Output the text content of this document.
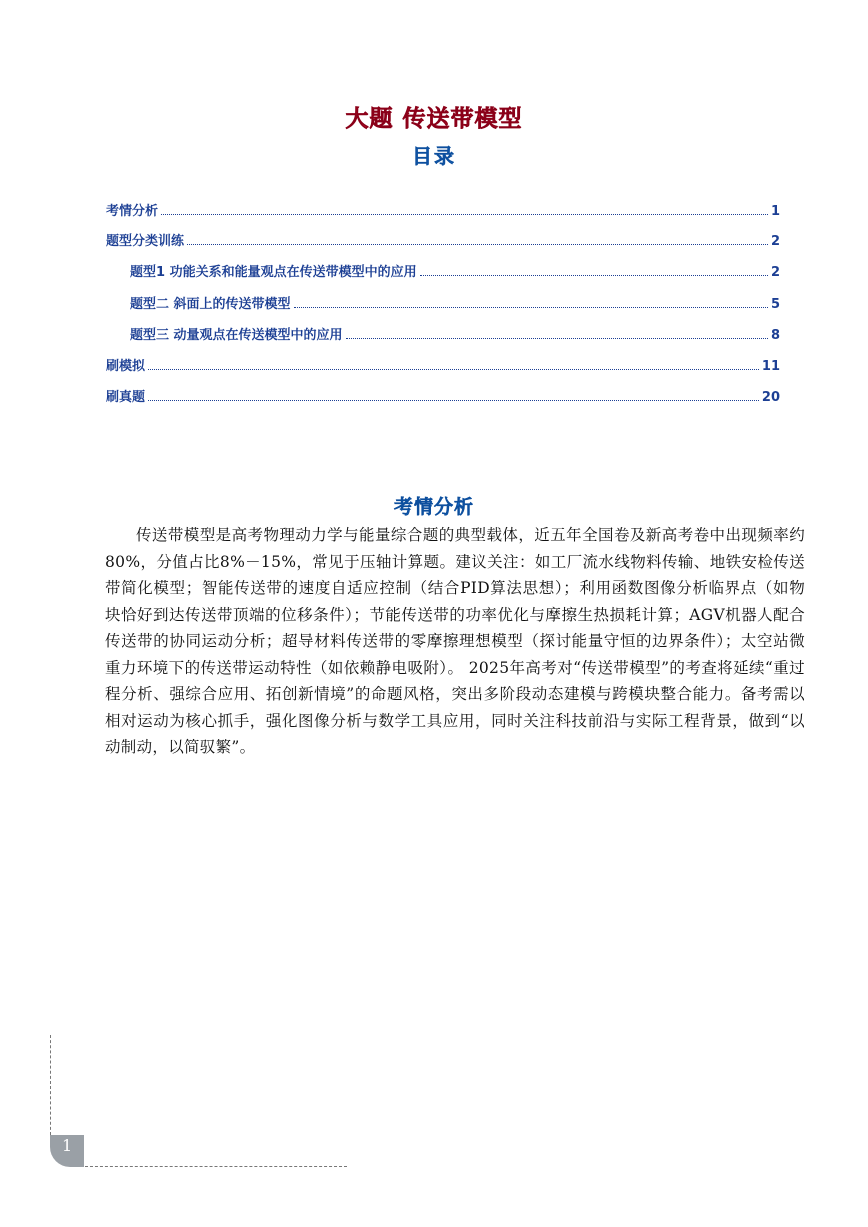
大题 传送带模型
目录
考情分析	1
题型分类训练	2
题型1 功能关系和能量观点在传送带模型中的应用	2
题型二 斜面上的传送带模型	5
题型三 动量观点在传送模型中的应用	8
刷模拟	11
刷真题	20
考情分析
传送带模型是高考物理动力学与能量综合题的典型载体，近五年全国卷及新高考卷中出现频率约80%，分值占比8%－15%，常见于压轴计算题。建议关注：如工厂流水线物料传输、地铁安检传送带简化模型；智能传送带的速度自适应控制（结合PID算法思想）；利用函数图像分析临界点（如物块恰好到达传送带顶端的位移条件）；节能传送带的功率优化与摩擦生热损耗计算；AGV机器人配合传送带的协同运动分析；超导材料传送带的零摩擦理想模型（探讨能量守恒的边界条件）；太空站微重力环境下的传送带运动特性（如依赖静电吸附）。 2025年高考对“传送带模型”的考查将延续“重过程分析、强综合应用、拓创新情境”的命题风格，突出多阶段动态建模与跨模块整合能力。备考需以相对运动为核心抓手，强化图像分析与数学工具应用，同时关注科技前沿与实际工程背景，做到“以动制动，以简驭繁”。
1
